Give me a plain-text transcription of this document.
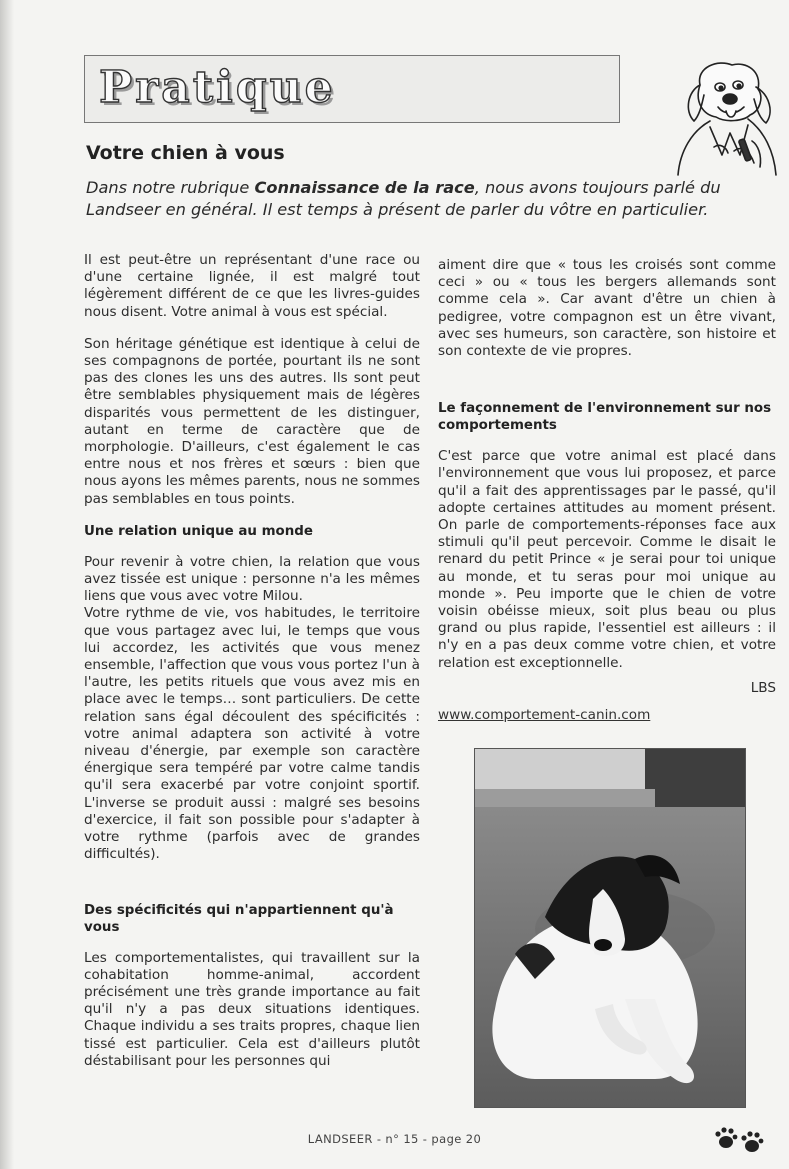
Pratique
Votre chien à vous

Dans notre rubrique Connaissance de la race, nous avons toujours parlé du Landseer en général. Il est temps à présent de parler du vôtre en particulier.

Il est peut-être un représentant d'une race ou d'une certaine lignée, il est malgré tout légèrement différent de ce que les livres-guides nous disent. Votre animal à vous est spécial.

Son héritage génétique est identique à celui de ses compagnons de portée, pourtant ils ne sont pas des clones les uns des autres. Ils sont peut être semblables physiquement mais de légères disparités vous permettent de les distinguer, autant en terme de caractère que de morphologie. D'ailleurs, c'est également le cas entre nous et nos frères et sœurs : bien que nous ayons les mêmes parents, nous ne sommes pas semblables en tous points.

Une relation unique au monde

Pour revenir à votre chien, la relation que vous avez tissée est unique : personne n'a les mêmes liens que vous avec votre Milou.

Votre rythme de vie, vos habitudes, le territoire que vous partagez avec lui, le temps que vous lui accordez, les activités que vous menez ensemble, l'affection que vous vous portez l'un à l'autre, les petits rituels que vous avez mis en place avec le temps… sont particuliers. De cette relation sans égal découlent des spécificités : votre animal adaptera son activité à votre niveau d'énergie, par exemple son caractère énergique sera tempéré par votre calme tandis qu'il sera exacerbé par votre conjoint sportif. L'inverse se produit aussi : malgré ses besoins d'exercice, il fait son possible pour s'adapter à votre rythme (parfois avec de grandes difficultés).

Des spécificités qui n'appartiennent qu'à vous

Les comportementalistes, qui travaillent sur la cohabitation homme-animal, accordent précisément une très grande importance au fait qu'il n'y a pas deux situations identiques. Chaque individu a ses traits propres, chaque lien tissé est particulier. Cela est d'ailleurs plutôt déstabilisant pour les personnes qui

aiment dire que « tous les croisés sont comme ceci » ou « tous les bergers allemands sont comme cela ». Car avant d'être un chien à pedigree, votre compagnon est un être vivant, avec ses humeurs, son caractère, son histoire et son contexte de vie propres.

Le façonnement de l'environnement sur nos comportements

C'est parce que votre animal est placé dans l'environnement que vous lui proposez, et parce qu'il a fait des apprentissages par le passé, qu'il adopte certaines attitudes au moment présent. On parle de comportements-réponses face aux stimuli qu'il peut percevoir. Comme le disait le renard du petit Prince « je serai pour toi unique au monde, et tu seras pour moi unique au monde ». Peu importe que le chien de votre voisin obéisse mieux, soit plus beau ou plus grand ou plus rapide, l'essentiel est ailleurs : il n'y en a pas deux comme votre chien, et votre relation est exceptionnelle.

LBS
www.comportement-canin.com
LANDSEER - n° 15 - page 20
